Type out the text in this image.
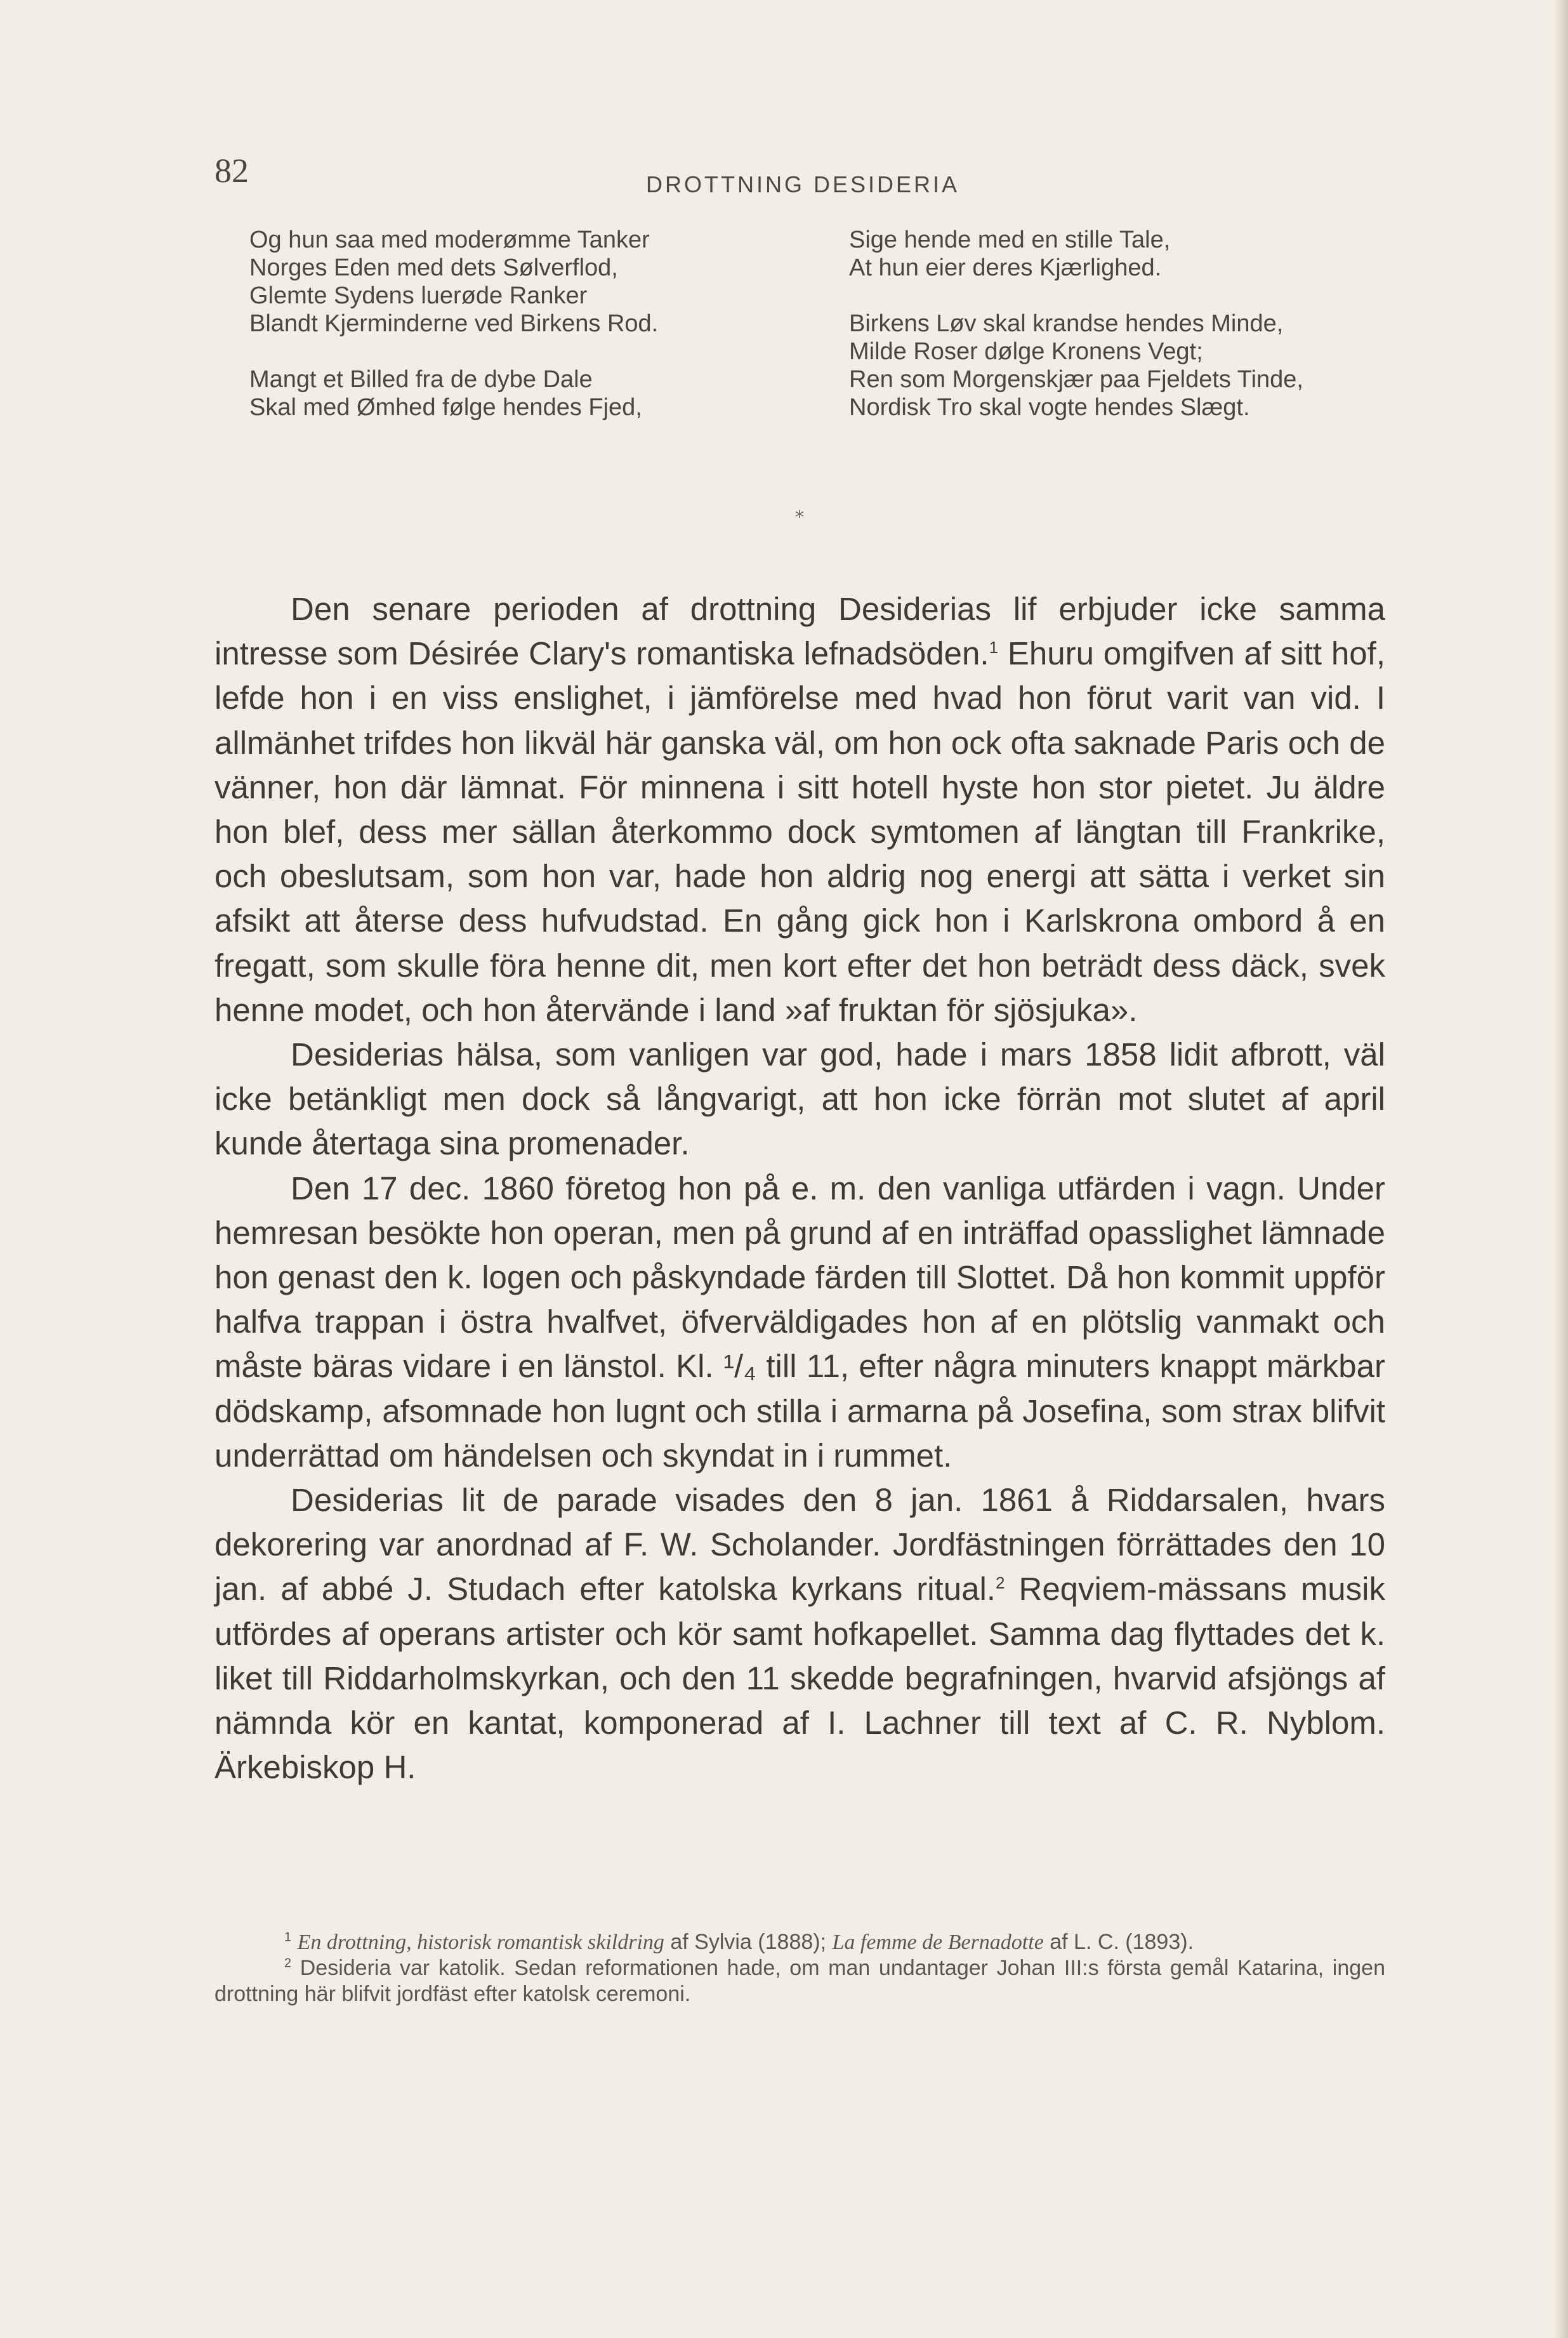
82	DROTTNING DESIDERIA
Og hun saa med moderømme Tanker
Norges Eden med dets Sølverflod,
Glemte Sydens luerøde Ranker
Blandt Kjerminderne ved Birkens Rod.
Mangt et Billed fra de dybe Dale
Skal med Ømhed følge hendes Fjed,
Sige hende med en stille Tale,
At hun eier deres Kjærlighed.
Birkens Løv skal krandse hendes Minde,
Milde Roser dølge Kronens Vegt;
Ren som Morgenskjær paa Fjeldets Tinde,
Nordisk Tro skal vogte hendes Slægt.
*

Den senare perioden af drottning Desiderias lif erbjuder icke samma intresse som Désirée Clary's romantiska lefnadsöden.$^1$ Ehuru omgifven af sitt hof, lefde hon i en viss enslighet, i jämförelse med hvad hon förut varit van vid. I allmänhet trifdes hon likväl här ganska väl, om hon ock ofta saknade Paris och de vänner, hon där lämnat. För minnena i sitt hotell hyste hon stor pietet. Ju äldre hon blef, dess mer sällan återkommo dock symtomen af längtan till Frankrike, och obeslutsam, som hon var, hade hon aldrig nog energi att sätta i verket sin afsikt att återse dess hufvudstad. En gång gick hon i Karlskrona ombord å en fregatt, som skulle föra henne dit, men kort efter det hon beträdt dess däck, svek henne modet, och hon återvände i land »af fruktan för sjösjuka».

Desiderias hälsa, som vanligen var god, hade i mars 1858 lidit afbrott, väl icke betänkligt men dock så långvarigt, att hon icke förrän mot slutet af april kunde återtaga sina promenader.

Den 17 dec. 1860 företog hon på e. m. den vanliga utfärden i vagn. Under hemresan besökte hon operan, men på grund af en inträffad opasslighet lämnade hon genast den k. logen och påskyndade färden till Slottet. Då hon kommit uppför halfva trappan i östra hvalfvet, öfverväldigades hon af en plötslig vanmakt och måste bäras vidare i en länstol. Kl. ¹/₄ till 11, efter några minuters knappt märkbar dödskamp, afsomnade hon lugnt och stilla i armarna på Josefina, som strax blifvit underrättad om händelsen och skyndat in i rummet.

Desiderias lit de parade visades den 8 jan. 1861 å Riddarsalen, hvars dekorering var anordnad af F. W. Scholander. Jordfästningen förrättades den 10 jan. af abbé J. Studach efter katolska kyrkans ritual.$^2$ Reqviem-mässans musik utfördes af operans artister och kör samt hofkapellet. Samma dag flyttades det k. liket till Riddarholmskyrkan, och den 11 skedde begrafningen, hvarvid afsjöngs af nämnda kör en kantat, komponerad af I. Lachner till text af C. R. Nyblom. Ärkebiskop H.

$^1$ En drottning, historisk romantisk skildring af Sylvia (1888); La femme de Bernadotte af L. C. (1893).

$^2$ Desideria var katolik. Sedan reformationen hade, om man undantager Johan III:s första gemål Katarina, ingen drottning här blifvit jordfäst efter katolsk ceremoni.
